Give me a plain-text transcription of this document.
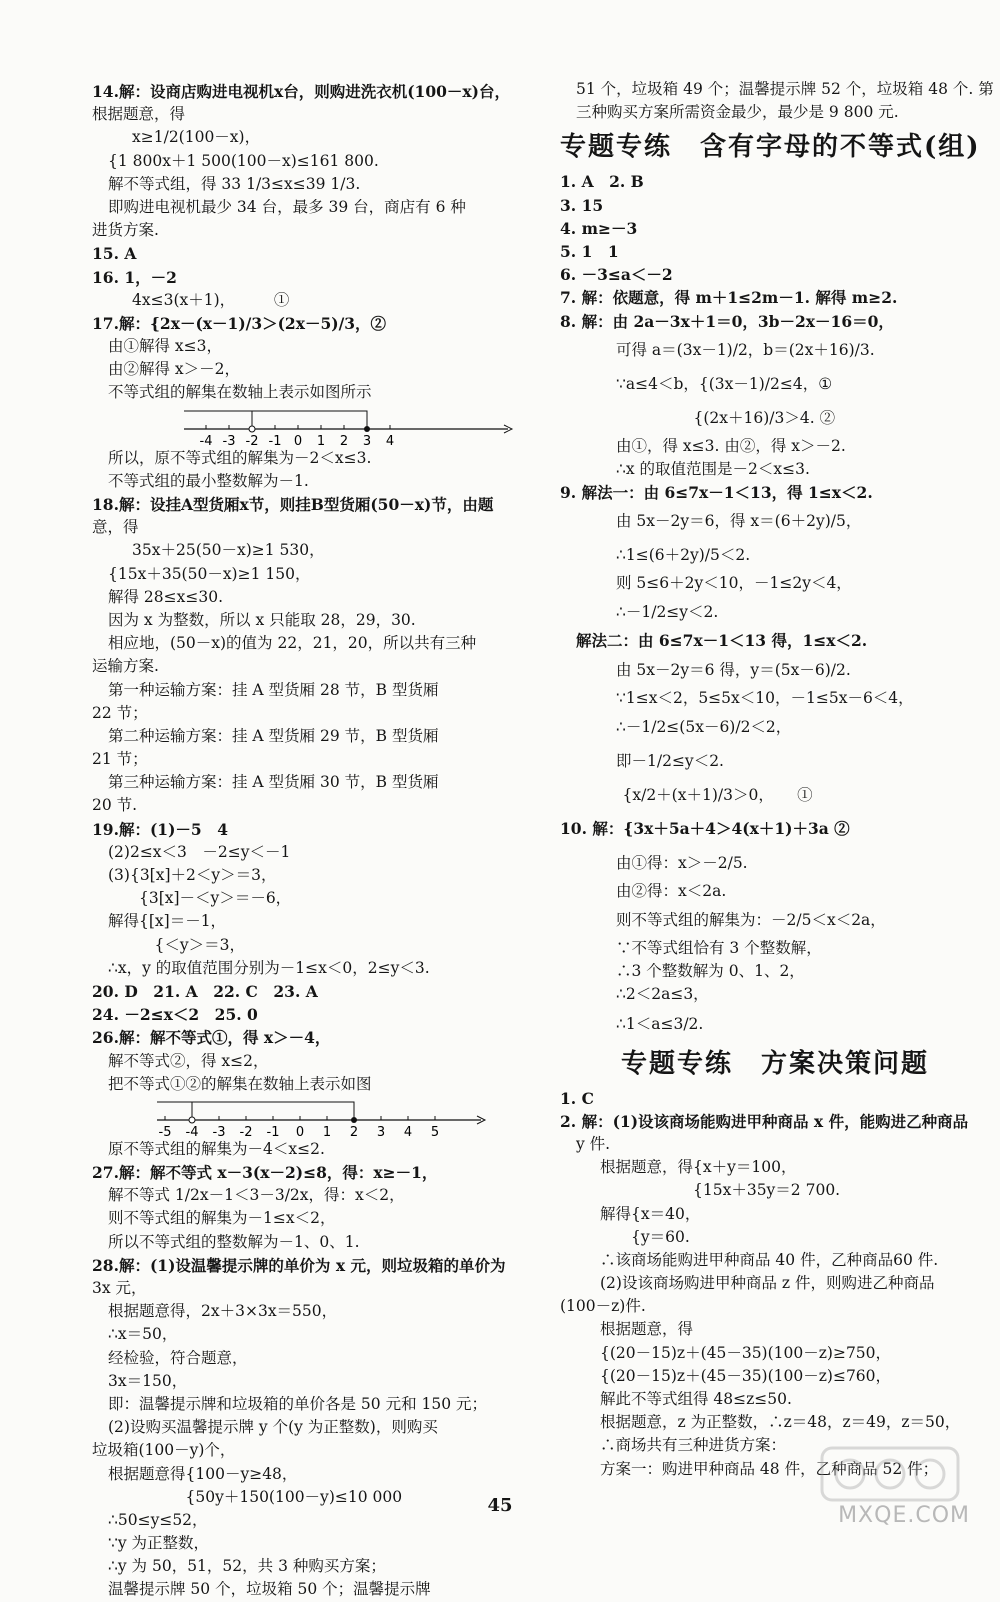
14.解：设商店购进电视机x台，则购进洗衣机(100－x)台，
根据题意，得
x≥1/2(100－x)，
{1 800x＋1 500(100－x)≤161 800.
解不等式组，得 33 1/3≤x≤39 1/3.
即购进电视机最少 34 台，最多 39 台，商店有 6 种
进货方案.
15. A
16. 1，－2
4x≤3(x＋1)，　　　①
17.解：{2x－(x－1)/3＞(2x－5)/3，②
由①解得 x≤3，
由②解得 x＞－2，
不等式组的解集在数轴上表示如图所示
-4 -3 -2 -1 0 1 2 3 4
所以，原不等式组的解集为－2＜x≤3.
不等式组的最小整数解为－1.
18.解：设挂A型货厢x节，则挂B型货厢(50－x)节，由题
意，得
35x＋25(50－x)≥1 530，
{15x＋35(50－x)≥1 150，
解得 28≤x≤30.
因为 x 为整数，所以 x 只能取 28，29，30.
相应地，(50－x)的值为 22，21，20，所以共有三种
运输方案.
第一种运输方案：挂 A 型货厢 28 节，B 型货厢
22 节；
第二种运输方案：挂 A 型货厢 29 节，B 型货厢
21 节；
第三种运输方案：挂 A 型货厢 30 节，B 型货厢
20 节.
19.解：(1)－5　4
(2)2≤x＜3　－2≤y＜－1
(3){3[x]＋2＜y＞＝3，
　　{3[x]－＜y＞＝－6，
解得{[x]＝－1，
　　　{＜y＞＝3，
∴x，y 的取值范围分别为－1≤x＜0，2≤y＜3.
20. D　21. A　22. C　23. A
24. －2≤x＜2　25. 0
26.解：解不等式①，得 x＞－4，
解不等式②，得 x≤2，
把不等式①②的解集在数轴上表示如图
-5 -4 -3 -2 -1 0 1 2 3 4 5
原不等式组的解集为－4＜x≤2.
27.解：解不等式 x－3(x－2)≤8，得：x≥－1，
解不等式 1/2x－1＜3－3/2x，得：x＜2，
则不等式组的解集为－1≤x＜2，
所以不等式组的整数解为－1、0、1.
28.解：(1)设温馨提示牌的单价为 x 元，则垃圾箱的单价为
3x 元，
根据题意得，2x＋3×3x＝550，
∴x＝50，
经检验，符合题意，
3x＝150，
即：温馨提示牌和垃圾箱的单价各是 50 元和 150 元；
(2)设购买温馨提示牌 y 个(y 为正整数)，则购买
垃圾箱(100－y)个，
根据题意得{100－y≥48，
　　　　　{50y＋150(100－y)≤10 000
∴50≤y≤52，
∵y 为正整数，
∴y 为 50，51，52，共 3 种购买方案；
温馨提示牌 50 个，垃圾箱 50 个；温馨提示牌
51 个，垃圾箱 49 个；温馨提示牌 52 个，垃圾箱 48 个. 第
三种购买方案所需资金最少，最少是 9 800 元.
专题专练　含有字母的不等式(组)
1. A　2. B
3. 15
4. m≥－3
5. 1　1
6. －3≤a＜－2
7. 解：依题意，得 m＋1≤2m－1. 解得 m≥2.
8. 解：由 2a－3x＋1＝0，3b－2x－16＝0，
可得 a＝(3x－1)/2，b＝(2x＋16)/3.
∵a≤4＜b，{(3x－1)/2≤4，①
　　　　　{(2x＋16)/3＞4. ②
由①，得 x≤3. 由②，得 x＞－2.
∴x 的取值范围是－2＜x≤3.
9. 解法一：由 6≤7x－1＜13，得 1≤x＜2.
由 5x－2y＝6，得 x＝(6＋2y)/5，
∴1≤(6＋2y)/5＜2.
则 5≤6＋2y＜10，－1≤2y＜4，
∴－1/2≤y＜2.
解法二：由 6≤7x－1＜13 得，1≤x＜2.
由 5x－2y＝6 得，y＝(5x－6)/2.
∵1≤x＜2，5≤5x＜10，－1≤5x－6＜4，
∴－1/2≤(5x－6)/2＜2，
即－1/2≤y＜2.
　　　{x/2＋(x＋1)/3＞0，　　①
10. 解：{3x＋5a＋4＞4(x＋1)＋3a ②
由①得：x＞－2/5.
由②得：x＜2a.
则不等式组的解集为：－2/5＜x＜2a，
∵不等式组恰有 3 个整数解，
∴3 个整数解为 0、1、2，
∴2＜2a≤3，
∴1＜a≤3/2.
专题专练　方案决策问题
1. C
2. 解：(1)设该商场能购进甲种商品 x 件，能购进乙种商品
y 件.
根据题意，得{x＋y＝100，
　　　　　　{15x＋35y＝2 700.
解得{x＝40，
　　{y＝60.
∴该商场能购进甲种商品 40 件，乙种商品60 件.
(2)设该商场购进甲种商品 z 件，则购进乙种商品
(100－z)件.
根据题意，得
{(20－15)z＋(45－35)(100－z)≥750，
{(20－15)z＋(45－35)(100－z)≤760，
解此不等式组得 48≤z≤50.
根据题意，z 为正整数，∴z＝48，z＝49，z＝50，
∴商场共有三种进货方案：
方案一：购进甲种商品 48 件，乙种商品 52 件；
45	MXQE.COM
